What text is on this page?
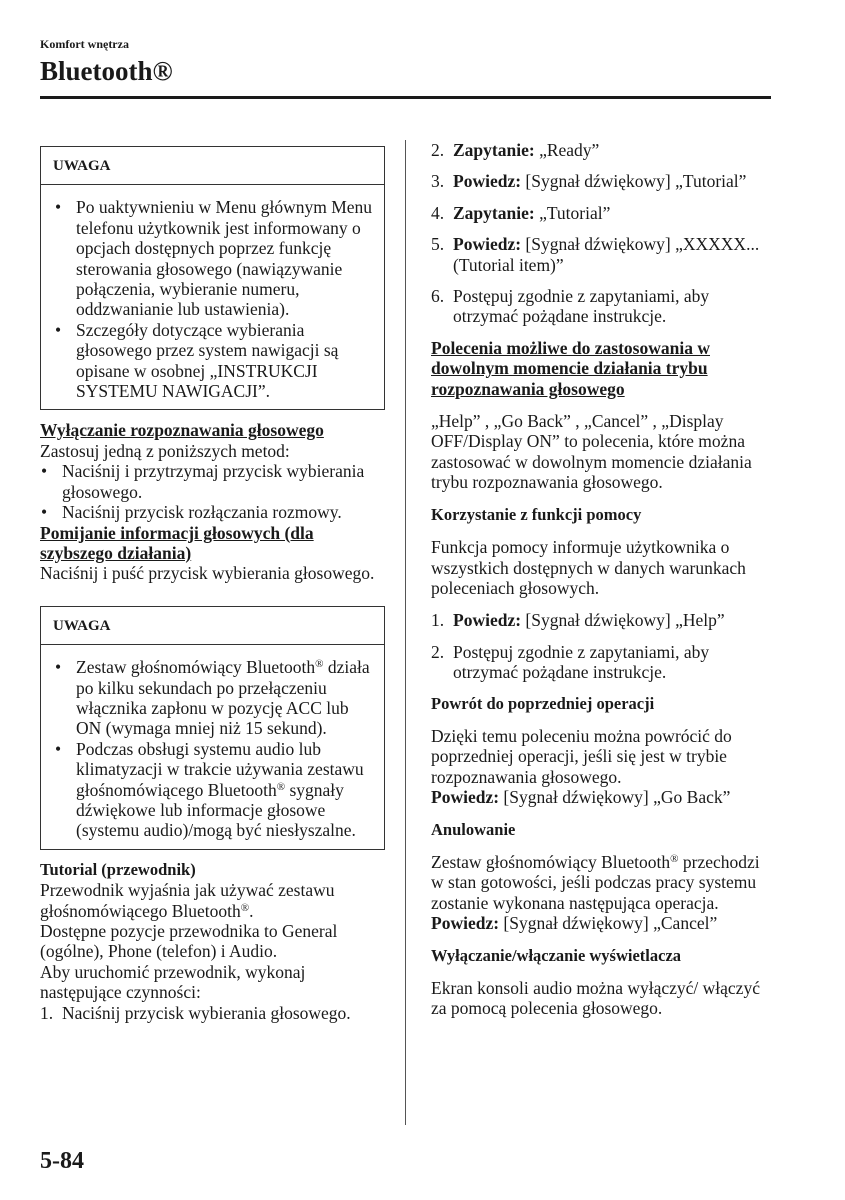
Komfort wnętrza
Bluetooth®
UWAGA
• Po uaktywnieniu w Menu głównym Menu telefonu użytkownik jest informowany o opcjach dostępnych poprzez funkcję sterowania głosowego (nawiązywanie połączenia, wybieranie numeru, oddzwanianie lub ustawienia).
• Szczegóły dotyczące wybierania głosowego przez system nawigacji są opisane w osobnej „INSTRUKCJI SYSTEMU NAWIGACJI”.

Wyłączanie rozpoznawania głosowego

Zastosuj jedną z poniższych metod:

• Naciśnij i przytrzymaj przycisk wybierania głosowego.
• Naciśnij przycisk rozłączania rozmowy.

Pomijanie informacji głosowych (dla szybszego działania)

Naciśnij i puść przycisk wybierania głosowego.

UWAGA
• Zestaw głośnomówiący Bluetooth® działa po kilku sekundach po przełączeniu włącznika zapłonu w pozycję ACC lub ON (wymaga mniej niż 15 sekund).
• Podczas obsługi systemu audio lub klimatyzacji w trakcie używania zestawu głośnomówiącego Bluetooth® sygnały dźwiękowe lub informacje głosowe (systemu audio)/mogą być niesłyszalne.

Tutorial (przewodnik)

Przewodnik wyjaśnia jak używać zestawu głośnomówiącego Bluetooth®.

Dostępne pozycje przewodnika to General (ogólne), Phone (telefon) i Audio.

Aby uruchomić przewodnik, wykonaj następujące czynności:

1. Naciśnij przycisk wybierania głosowego.
2. Zapytanie: „Ready”
3. Powiedz: [Sygnał dźwiękowy] „Tutorial”
4. Zapytanie: „Tutorial”
5. Powiedz: [Sygnał dźwiękowy] „XXXXX... (Tutorial item)”
6. Postępuj zgodnie z zapytaniami, aby otrzymać pożądane instrukcje.

Polecenia możliwe do zastosowania w dowolnym momencie działania trybu rozpoznawania głosowego

„Help” , „Go Back” , „Cancel” , „Display OFF/Display ON” to polecenia, które można zastosować w dowolnym momencie działania trybu rozpoznawania głosowego.

Korzystanie z funkcji pomocy

Funkcja pomocy informuje użytkownika o wszystkich dostępnych w danych warunkach poleceniach głosowych.

1. Powiedz: [Sygnał dźwiękowy] „Help”
2. Postępuj zgodnie z zapytaniami, aby otrzymać pożądane instrukcje.

Powrót do poprzedniej operacji

Dzięki temu poleceniu można powrócić do poprzedniej operacji, jeśli się jest w trybie rozpoznawania głosowego.

Powiedz: [Sygnał dźwiękowy] „Go Back”

Anulowanie

Zestaw głośnomówiący Bluetooth® przechodzi w stan gotowości, jeśli podczas pracy systemu zostanie wykonana następująca operacja.

Powiedz: [Sygnał dźwiękowy] „Cancel”

Wyłączanie/włączanie wyświetlacza

Ekran konsoli audio można wyłączyć/ włączyć za pomocą polecenia głosowego.

5-84
